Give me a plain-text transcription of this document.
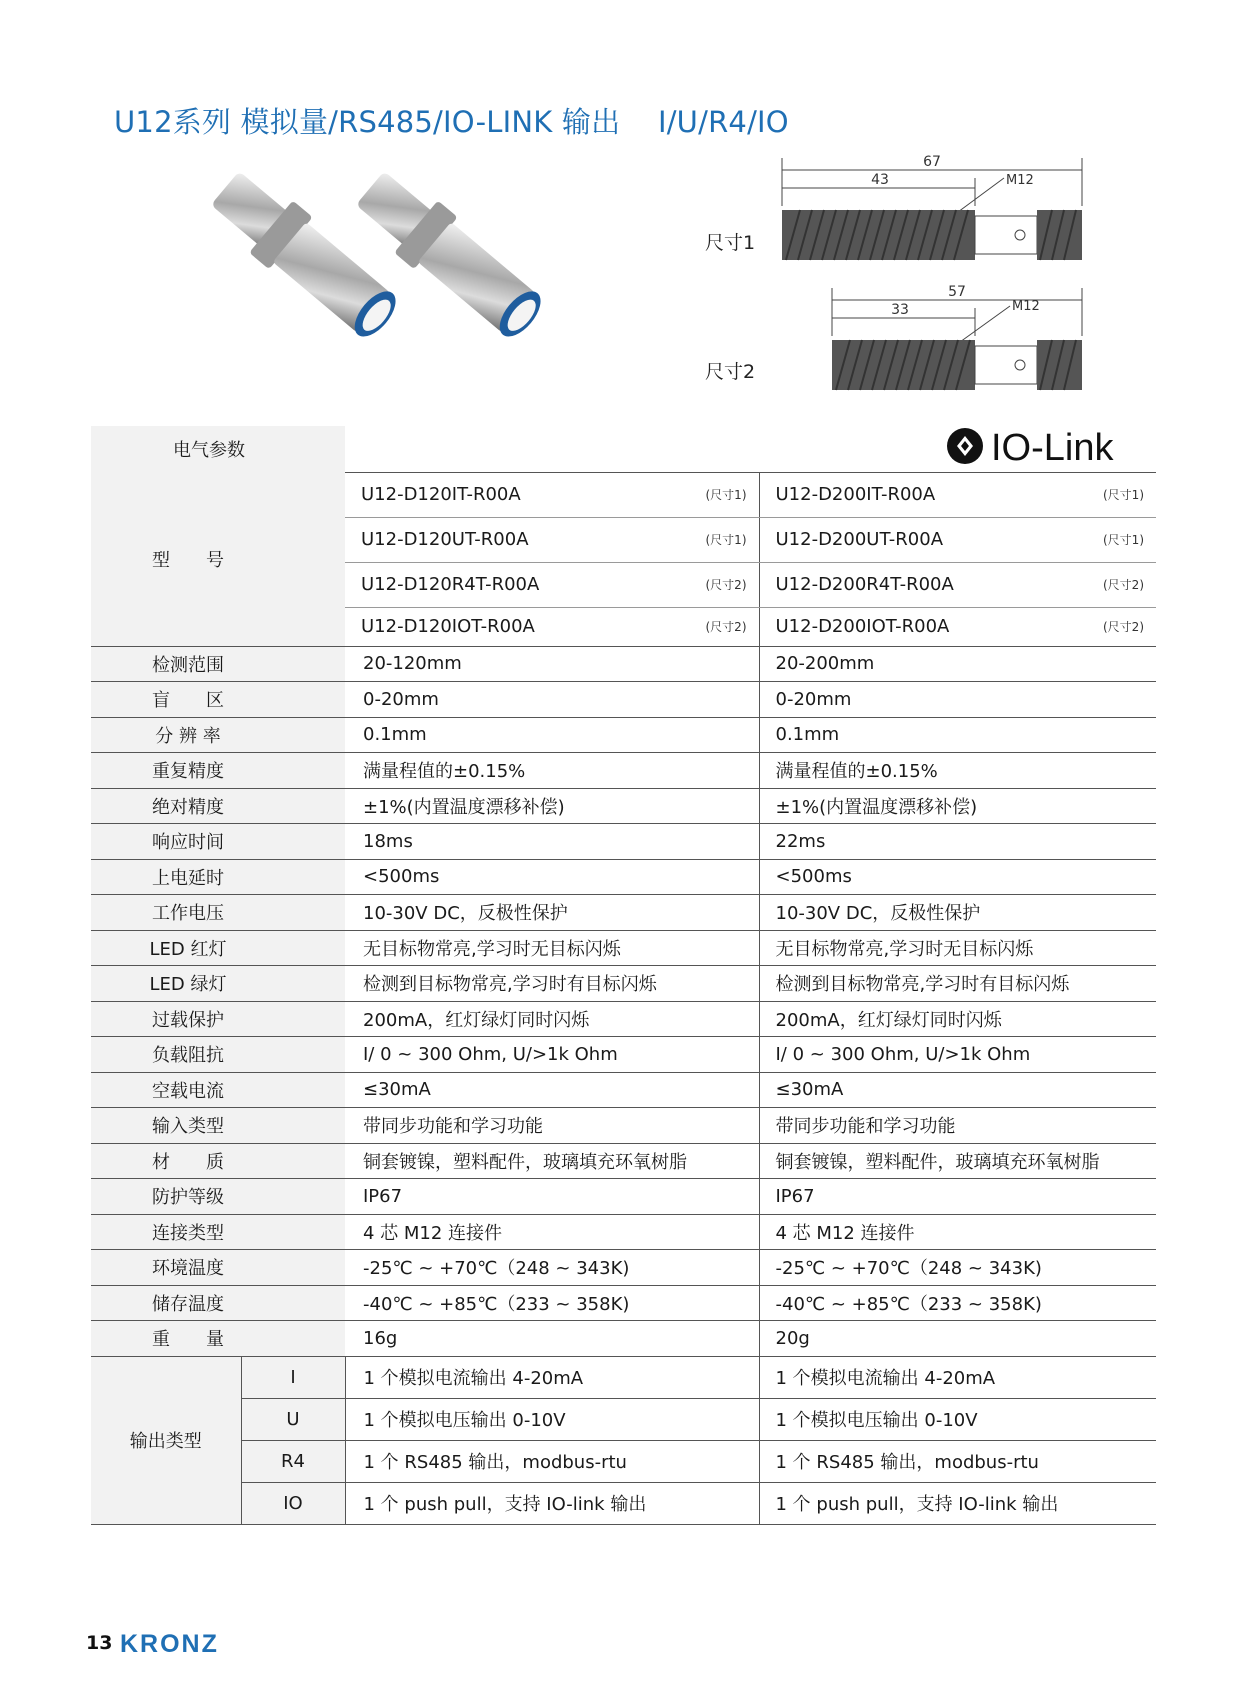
U12系列 模拟量/RS485/IO-LINK 输出    I/U/R4/IO
尺寸1
67
43	M12
尺寸2
57
33	M12
IO-Link
电气参数			
型　　号		U12-D120IT-R00A (尺寸1)	U12-D200IT-R00A (尺寸1)

		U12-D120UT-R00A (尺寸1)	U12-D200UT-R00A (尺寸1)

		U12-D120R4T-R00A (尺寸2)	U12-D200R4T-R00A (尺寸2)

		U12-D120IOT-R00A (尺寸2)	U12-D200IOT-R00A (尺寸2)

检测范围		20-120mm	20-200mm
盲　　区		0-20mm	0-20mm
分 辨 率		0.1mm	0.1mm
重复精度		满量程值的±0.15%	满量程值的±0.15%
绝对精度		±1%(内置温度漂移补偿)	±1%(内置温度漂移补偿)
响应时间		18ms	22ms
上电延时		<500ms	<500ms
工作电压		10-30V DC，反极性保护	10-30V DC，反极性保护
LED 红灯		无目标物常亮,学习时无目标闪烁	无目标物常亮,学习时无目标闪烁
LED 绿灯		检测到目标物常亮,学习时有目标闪烁	检测到目标物常亮,学习时有目标闪烁
过载保护		200mA，红灯绿灯同时闪烁	200mA，红灯绿灯同时闪烁
负载阻抗		I/ 0 ~ 300 Ohm, U/>1k Ohm	I/ 0 ~ 300 Ohm, U/>1k Ohm
空载电流		≤30mA	≤30mA
输入类型		带同步功能和学习功能	带同步功能和学习功能
材　　质		铜套镀镍，塑料配件，玻璃填充环氧树脂	铜套镀镍，塑料配件，玻璃填充环氧树脂
防护等级		IP67	IP67
连接类型		4 芯 M12 连接件	4 芯 M12 连接件
环境温度		-25℃ ~ +70℃（248 ~ 343K)	-25℃ ~ +70℃（248 ~ 343K)
储存温度		-40℃ ~ +85℃（233 ~ 358K)	-40℃ ~ +85℃（233 ~ 358K)
重　　量		16g	20g
输出类型	I	1 个模拟电流输出 4-20mA	1 个模拟电流输出 4-20mA
	U	1 个模拟电压输出 0-10V	1 个模拟电压输出 0-10V
	R4	1 个 RS485 输出，modbus-rtu	1 个 RS485 输出，modbus-rtu
	IO	1 个 push pull，支持 IO-link 输出	1 个 push pull，支持 IO-link 输出
13 KRONZ
